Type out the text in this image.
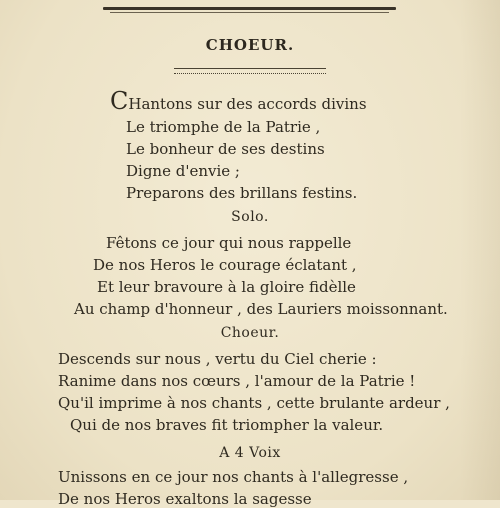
CHOEUR.
CHantons sur des accords divins
Le triomphe de la Patrie ,
Le bonheur de ses destins
Digne d'envie ;
Preparons des brillans festins.
Solo.
Fêtons ce jour qui nous rappelle
De nos Heros le courage éclatant ,
Et leur bravoure à la gloire fidèlle
Au champ d'honneur , des Lauriers moissonnant.
Choeur.
Descends sur nous , vertu du Ciel cherie :
Ranime dans nos cœurs , l'amour de la Patrie !
Qu'il imprime à nos chants , cette brulante ardeur ,
Qui de nos braves fit triompher la valeur.
A 4 Voix
Unissons en ce jour nos chants à l'allegresse ,
De nos Heros exaltons la sagesse
